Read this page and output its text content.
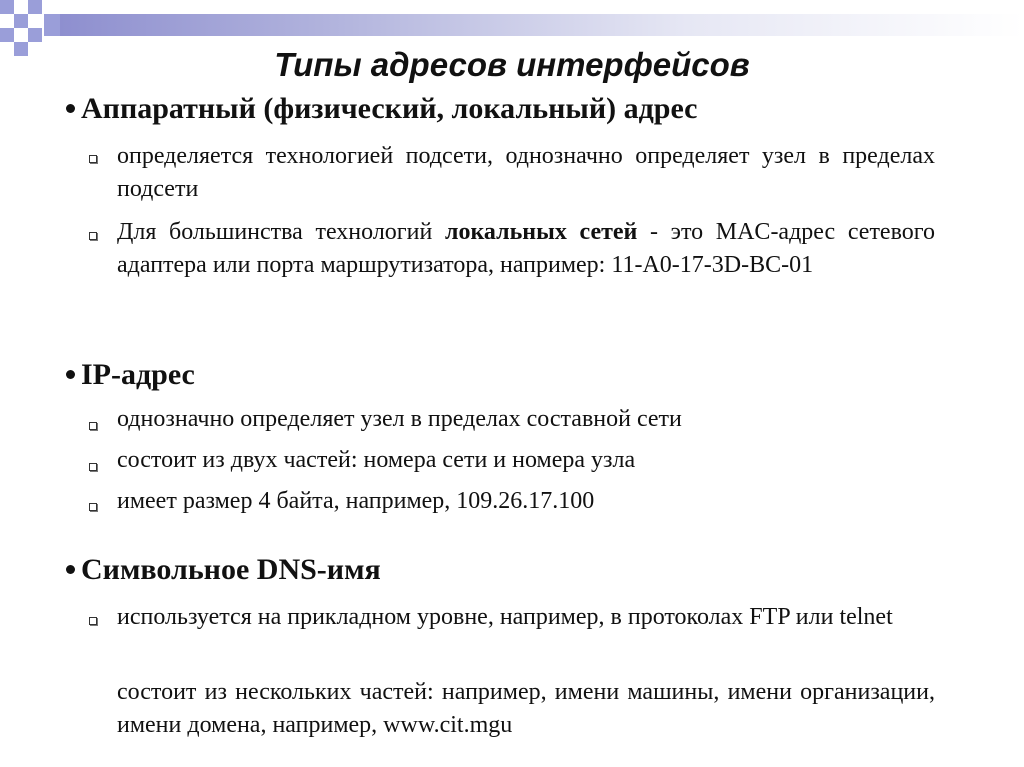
Типы адресов интерфейсов
Аппаратный (физический, локальный) адрес
определяется технологией подсети, однозначно определяет узел в пределах подсети
Для большинства технологий локальных сетей - это MAC-адрес сетевого адаптера или порта маршрутизатора, например: 11-А0-17-3D-BC-01
IP-адрес
однозначно определяет узел в пределах составной сети
состоит из двух частей: номера сети и номера узла
имеет размер 4 байта, например, 109.26.17.100
Символьное DNS-имя
используется на прикладном уровне, например, в протоколах FTP или telnet
состоит из нескольких частей: например, имени машины, имени организации, имени домена, например, www.cit.mgu
